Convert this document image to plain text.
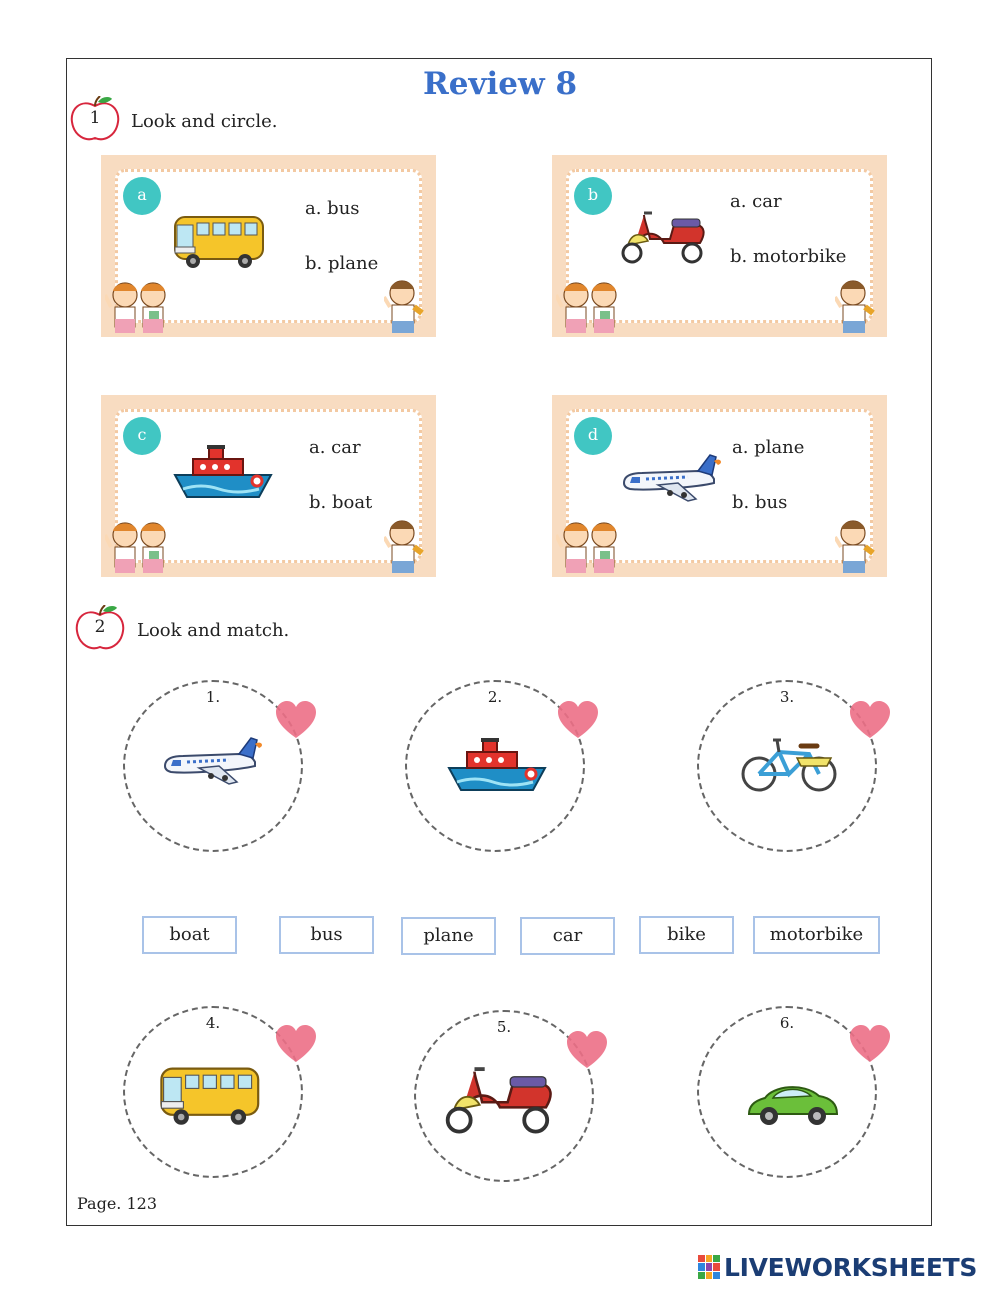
Review 8
1	Look and circle.
a
a. bus
b. plane
b	a. car
b. motorbike
c
a. car
b. boat
d
a. plane
b. bus
2	Look and match.
1.	2.	3.
boat	bus	plane	car	bike	motorbike
4.	5.	6.
Page. 123
LIVEWORKSHEETS
